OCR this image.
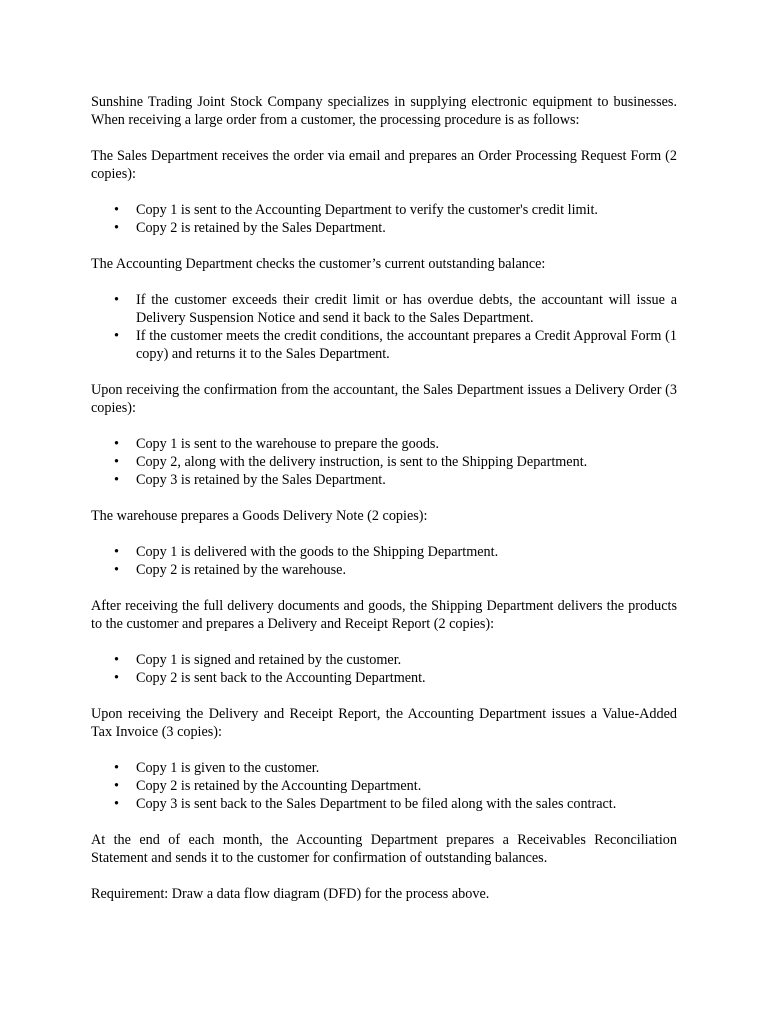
Sunshine Trading Joint Stock Company specializes in supplying electronic equipment to businesses. When receiving a large order from a customer, the processing procedure is as follows:

The Sales Department receives the order via email and prepares an Order Processing Request Form (2 copies):

• Copy 1 is sent to the Accounting Department to verify the customer's credit limit.
• Copy 2 is retained by the Sales Department.

The Accounting Department checks the customer’s current outstanding balance:

• If the customer exceeds their credit limit or has overdue debts, the accountant will issue a Delivery Suspension Notice and send it back to the Sales Department.
• If the customer meets the credit conditions, the accountant prepares a Credit Approval Form (1 copy) and returns it to the Sales Department.

Upon receiving the confirmation from the accountant, the Sales Department issues a Delivery Order (3 copies):

• Copy 1 is sent to the warehouse to prepare the goods.
• Copy 2, along with the delivery instruction, is sent to the Shipping Department.
• Copy 3 is retained by the Sales Department.

The warehouse prepares a Goods Delivery Note (2 copies):

• Copy 1 is delivered with the goods to the Shipping Department.
• Copy 2 is retained by the warehouse.

After receiving the full delivery documents and goods, the Shipping Department delivers the products to the customer and prepares a Delivery and Receipt Report (2 copies):

• Copy 1 is signed and retained by the customer.
• Copy 2 is sent back to the Accounting Department.

Upon receiving the Delivery and Receipt Report, the Accounting Department issues a Value-Added Tax Invoice (3 copies):

• Copy 1 is given to the customer.
• Copy 2 is retained by the Accounting Department.
• Copy 3 is sent back to the Sales Department to be filed along with the sales contract.

At the end of each month, the Accounting Department prepares a Receivables Reconciliation Statement and sends it to the customer for confirmation of outstanding balances.

Requirement: Draw a data flow diagram (DFD) for the process above.
